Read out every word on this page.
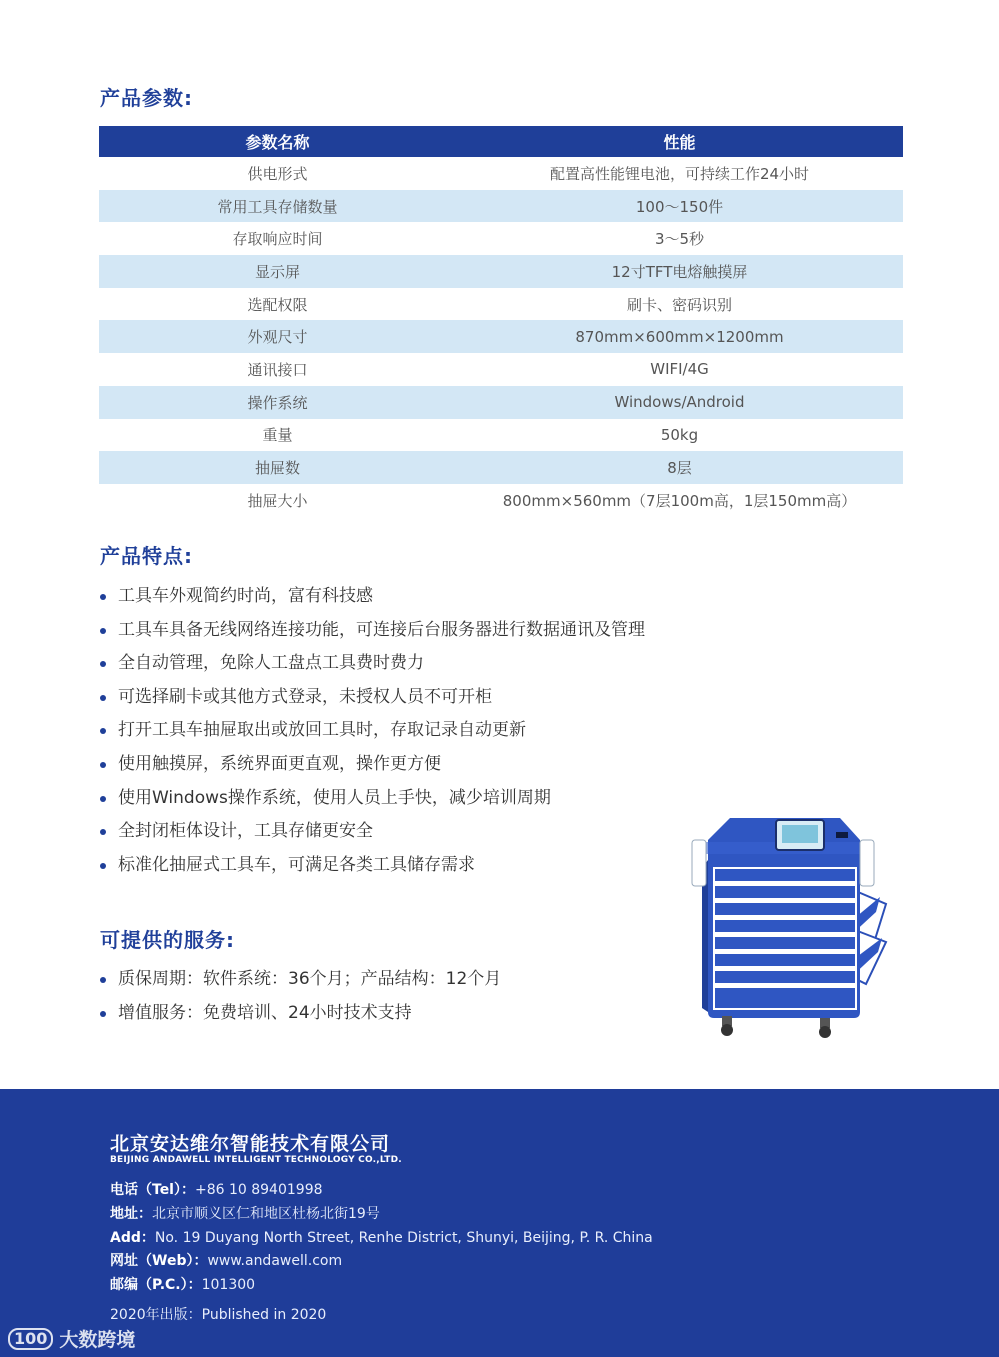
产品参数:
参数名称	性能
供电形式	配置高性能锂电池，可持续工作24小时
常用工具存储数量	100～150件
存取响应时间	3～5秒
显示屏	12寸TFT电熔触摸屏
选配权限	刷卡、密码识别
外观尺寸	870mm×600mm×1200mm
通讯接口	WIFI/4G
操作系统	Windows/Android
重量	50kg
抽屉数	8层
抽屉大小	800mm×560mm（7层100m高，1层150mm高）
产品特点:
工具车外观简约时尚，富有科技感
工具车具备无线网络连接功能，可连接后台服务器进行数据通讯及管理
全自动管理，免除人工盘点工具费时费力
可选择刷卡或其他方式登录，未授权人员不可开柜
打开工具车抽屉取出或放回工具时，存取记录自动更新
使用触摸屏，系统界面更直观，操作更方便
使用Windows操作系统，使用人员上手快，减少培训周期
全封闭柜体设计，工具存储更安全
标准化抽屉式工具车，可满足各类工具储存需求
可提供的服务:
质保周期：软件系统：36个月；产品结构：12个月
增值服务：免费培训、24小时技术支持
北京安达维尔智能技术有限公司
BEIJING ANDAWELL INTELLIGENT TECHNOLOGY CO.,LTD.
电话（Tel）：+86 10 89401998
地址：北京市顺义区仁和地区杜杨北街19号
Add：No. 19 Duyang North Street, Renhe District, Shunyi, Beijing, P. R. China
网址（Web）：www.andawell.com
邮编（P.C.）：101300
2020年出版：Published in 2020
100 大数跨境
